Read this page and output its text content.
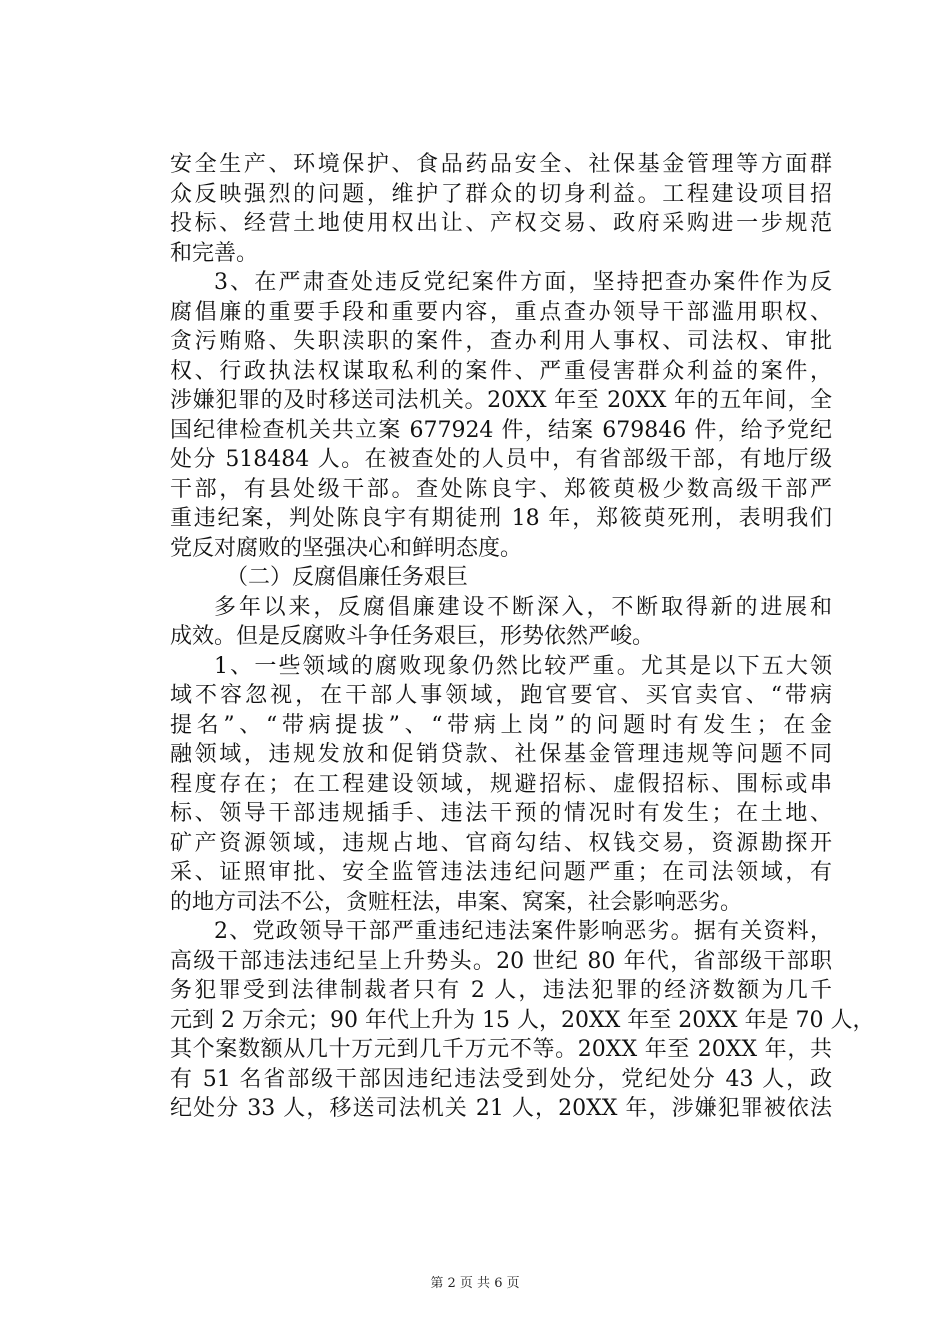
安全生产、环境保护、食品药品安全、社保基金管理等方面群
众反映强烈的问题，维护了群众的切身利益。工程建设项目招
投标、经营土地使用权出让、产权交易、政府采购进一步规范
和完善。
3、在严肃查处违反党纪案件方面，坚持把查办案件作为反
腐倡廉的重要手段和重要内容，重点查办领导干部滥用职权、
贪污贿赂、失职渎职的案件，查办利用人事权、司法权、审批
权、行政执法权谋取私利的案件、严重侵害群众利益的案件，
涉嫌犯罪的及时移送司法机关。20XX 年至 20XX 年的五年间，全
国纪律检查机关共立案 677924 件，结案 679846 件，给予党纪
处分 518484 人。在被查处的人员中，有省部级干部，有地厅级
干部，有县处级干部。查处陈良宇、郑筱萸极少数高级干部严
重违纪案，判处陈良宇有期徒刑 18 年，郑筱萸死刑，表明我们
党反对腐败的坚强决心和鲜明态度。
（二）反腐倡廉任务艰巨
多年以来，反腐倡廉建设不断深入，不断取得新的进展和
成效。但是反腐败斗争任务艰巨，形势依然严峻。
1、一些领域的腐败现象仍然比较严重。尤其是以下五大领
域不容忽视，在干部人事领域，跑官要官、买官卖官、“带病
提名”、“带病提拔”、“带病上岗”的问题时有发生；在金
融领域，违规发放和促销贷款、社保基金管理违规等问题不同
程度存在；在工程建设领域，规避招标、虚假招标、围标或串
标、领导干部违规插手、违法干预的情况时有发生；在土地、
矿产资源领域，违规占地、官商勾结、权钱交易，资源勘探开
采、证照审批、安全监管违法违纪问题严重；在司法领域，有
的地方司法不公，贪赃枉法，串案、窝案，社会影响恶劣。
2、党政领导干部严重违纪违法案件影响恶劣。据有关资料，
高级干部违法违纪呈上升势头。20 世纪 80 年代，省部级干部职
务犯罪受到法律制裁者只有 2 人，违法犯罪的经济数额为几千
元到 2 万余元；90 年代上升为 15 人，20XX 年至 20XX 年是 70 人，
其个案数额从几十万元到几千万元不等。20XX 年至 20XX 年，共
有 51 名省部级干部因违纪违法受到处分，党纪处分 43 人，政
纪处分 33 人，移送司法机关 21 人，20XX 年，涉嫌犯罪被依法
第 2 页 共 6 页
